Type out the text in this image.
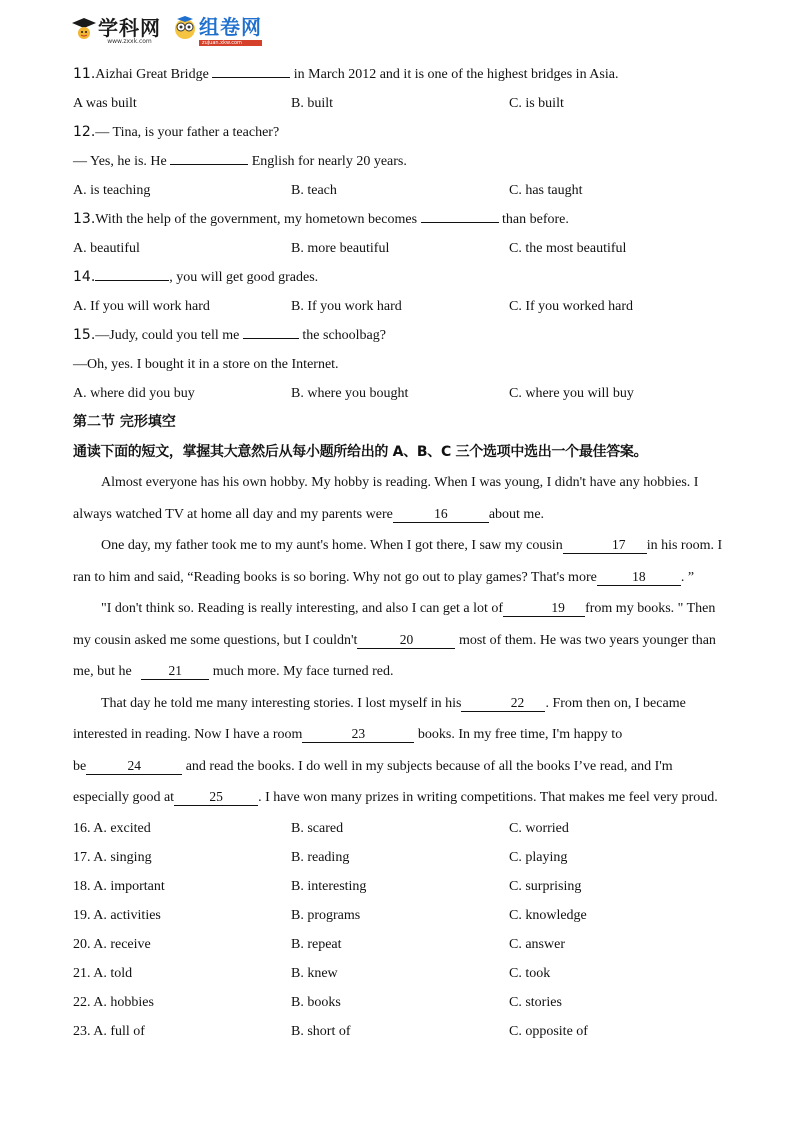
学科网
www.zxxk.com
组卷网
zujuan.xkw.com
11.Aizhai Great Bridge	in March 2012 and it is one of the highest bridges in Asia.
A was built	B. built	C. is built
12.— Tina, is your father a teacher?
— Yes, he is. He	English for nearly 20 years.
A. is teaching	B. teach	C. has taught
13.With the help of the government, my hometown becomes	than before.
A. beautiful	B. more beautiful	C. the most beautiful
14.	, you will get good grades.
A. If you will work hard	B. If you work hard	C. If you worked hard
15.—Judy, could you tell me	the schoolbag?
—Oh, yes. I bought it in a store on the Internet.
A. where did you buy	B. where you bought	C. where you will buy
第二节 完形填空
通读下面的短文，掌握其大意然后从每小题所给出的 A、B、C 三个选项中选出一个最佳答案。
Almost everyone has his own hobby. My hobby is reading. When I was young, I didn't have any hobbies. I
always watched TV at home all day and my parents were	16	about me.
One day, my father took me to my aunt's home. When I got there, I saw my cousin	17 in his room. I
ran to him and said, “Reading books is so boring. Why not go out to play games? That's more	18	. ”
"I don't think so. Reading is really interesting, and also I can get a lot of	19 from my books. " Then
my cousin asked me some questions, but I couldn't	20	most of them. He was two years younger than
me, but he 21 much more. My face turned red.
That day he told me many interesting stories. I lost myself in his	22 . From then on, I became
interested in reading. Now I have a room	23	books. In my free time, I'm happy to
be	24	and read the books. I do well in my subjects because of all the books I’ve read, and I'm
especially good at	25	. I have won many prizes in writing competitions. That makes me feel very proud.
16. A. excited	B. scared	C. worried
17. A. singing	B. reading	C. playing
18. A. important	B. interesting	C. surprising
19. A. activities	B. programs	C. knowledge
20. A. receive	B. repeat	C. answer
21. A. told	B. knew	C. took
22. A. hobbies	B. books	C. stories
23. A. full of	B. short of	C. opposite of
